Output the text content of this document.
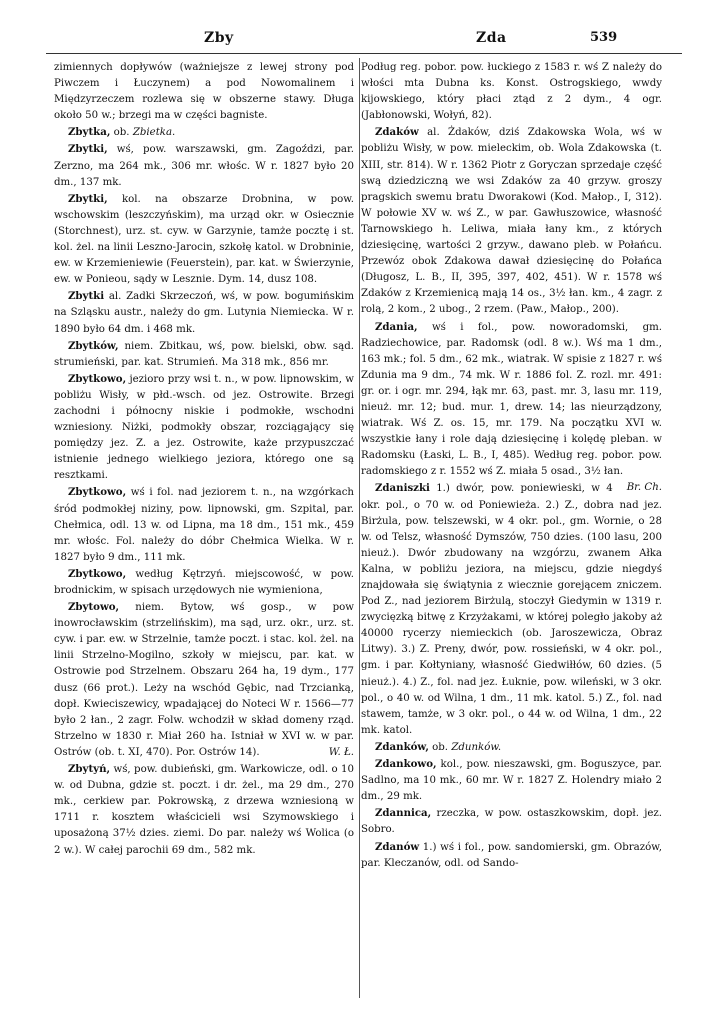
Zby	Zda	539

zimiennych dopływów (ważniejsze z lewej strony pod Piwczem i Łuczynem) a pod Nowomalinem i Międzyrzeczem rozlewa się w obszerne stawy. Długa około 50 w.; brzegi ma w części bagniste.

Zbytka, ob. Zbietka.

Zbytki, wś, pow. warszawski, gm. Zagoździ, par. Zerzno, ma 264 mk., 306 mr. włośc. W r. 1827 było 20 dm., 137 mk.

Zbytki, kol. na obszarze Drobnina, w pow. wschowskim (leszczyńskim), ma urząd okr. w Osiecznie (Storchnest), urz. st. cyw. w Garzynie, tamże pocztę i st. kol. żel. na linii Leszno-Jarocin, szkołę katol. w Drobninie, ew. w Krzemieniewie (Feuerstein), par. kat. w Świerzynie, ew. w Ponieou, sądy w Lesznie. Dym. 14, dusz 108.

Zbytki al. Zadki Skrzeczoń, wś, w pow. bogumińskim na Szląsku austr., należy do gm. Lutynia Niemiecka. W r. 1890 było 64 dm. i 468 mk.

Zbytków, niem. Zbitkau, wś, pow. bielski, obw. sąd. strumieński, par. kat. Strumień. Ma 318 mk., 856 mr.

Zbytkowo, jezioro przy wsi t. n., w pow. lipnowskim, w pobliżu Wisły, w płd.-wsch. od jez. Ostrowite. Brzegi zachodni i północny niskie i podmokłe, wschodni wzniesiony. Niżki, podmokły obszar, rozciągający się pomiędzy jez. Z. a jez. Ostrowite, każe przypuszczać istnienie jednego wielkiego jeziora, którego one są resztkami.

Zbytkowo, wś i fol. nad jeziorem t. n., na wzgórkach śród podmokłej niziny, pow. lipnowski, gm. Szpital, par. Chełmica, odl. 13 w. od Lipna, ma 18 dm., 151 mk., 459 mr. włośc. Fol. należy do dóbr Chełmica Wielka. W r. 1827 było 9 dm., 111 mk.

Zbytkowo, według Kętrzyń. miejscowość, w pow. brodnickim, w spisach urzędowych nie wymieniona,

Zbytowo, niem. Bytow, wś gosp., w pow inowrocławskim (strzelińskim), ma sąd, urz. okr., urz. st. cyw. i par. ew. w Strzelnie, tamże poczt. i stac. kol. żel. na linii Strzelno-Mogilno, szkoły w miejscu, par. kat. w Ostrowie pod Strzelnem. Obszaru 264 ha, 19 dym., 177 dusz (66 prot.). Leży na wschód Gębic, nad Trzcianką, dopł. Kwieciszewicy, wpadającej do Noteci W r. 1566—77 było 2 łan., 2 zagr. Folw. wchodził w skład domeny rząd. Strzelno w 1830 r. Miał 260 ha. Istniał w XVI w. w par. Ostrów (ob. t. XI, 470). Por. Ostrów 14).	W. Ł.

Zbytyń, wś, pow. dubieński, gm. Warkowicze, odl. o 10 w. od Dubna, gdzie st. poczt. i dr. żel., ma 29 dm., 270 mk., cerkiew par. Pokrowską, z drzewa wzniesioną w 1711 r. kosztem właścicieli wsi Szymowskiego i uposażoną 37½ dzies. ziemi. Do par. należy wś Wolica (o 2 w.). W całej parochii 69 dm., 582 mk.

Podług reg. pobor. pow. łuckiego z 1583 r. wś Z należy do włości mta Dubna ks. Konst. Ostrogskiego, wwdy kijowskiego, który płaci ztąd z 2 dym., 4 ogr. (Jabłonowski, Wołyń, 82).

Zdaków al. Żdaków, dziś Zdakowska Wola, wś w pobliżu Wisły, w pow. mieleckim, ob. Wola Zdakowska (t. XIII, str. 814). W r. 1362 Piotr z Goryczan sprzedaje część swą dziedziczną we wsi Zdaków za 40 grzyw. groszy pragskich swemu bratu Dworakowi (Kod. Małop., I, 312). W połowie XV w. wś Z., w par. Gawłuszowice, własność Tarnowskiego h. Leliwa, miała łany km., z których dziesięcinę, wartości 2 grzyw., dawano pleb. w Połańcu. Przewóz obok Zdakowa dawał dziesięcinę do Połańca (Długosz, L. B., II, 395, 397, 402, 451). W r. 1578 wś Zdaków z Krzemienicą mają 14 os., 3½ łan. km., 4 zagr. z rolą, 2 kom., 2 ubog., 2 rzem. (Paw., Małop., 200).

Zdania, wś i fol., pow. noworadomski, gm. Radziechowice, par. Radomsk (odl. 8 w.). Wś ma 1 dm., 163 mk.; fol. 5 dm., 62 mk., wiatrak. W spisie z 1827 r. wś Zdunia ma 9 dm., 74 mk. W r. 1886 fol. Z. rozl. mr. 491: gr. or. i ogr. mr. 294, łąk mr. 63, past. mr. 3, lasu mr. 119, nieuż. mr. 12; bud. mur. 1, drew. 14; las nieurządzony, wiatrak. Wś Z. os. 15, mr. 179. Na początku XVI w. wszystkie łany i role dają dziesięcinę i kolędę pleban. w Radomsku (Łaski, L. B., I, 485). Według reg. pobor. pow. radomskiego z r. 1552 wś Z. miała 5 osad., 3½ łan.
Br. Ch.

Zdaniszki 1.) dwór, pow. poniewieski, w 4 okr. pol., o 70 w. od Poniewieża. 2.) Z., dobra nad jez. Birżula, pow. telszewski, w 4 okr. pol., gm. Wornie, o 28 w. od Telsz, własność Dymszów, 750 dzies. (100 lasu, 200 nieuż.). Dwór zbudowany na wzgórzu, zwanem Ałka Kalna, w pobliżu jeziora, na miejscu, gdzie niegdyś znajdowała się świątynia z wiecznie gorejącem zniczem. Pod Z., nad jeziorem Birżulą, stoczył Giedymin w 1319 r. zwycięzką bitwę z Krzyżakami, w której poległo jakoby aż 40000 rycerzy niemieckich (ob. Jaroszewicza, Obraz Litwy). 3.) Z. Preny, dwór, pow. rossieński, w 4 okr. pol., gm. i par. Kołtyniany, własność Giedwiłłów, 60 dzies. (5 nieuż.). 4.) Z., fol. nad jez. Łuknie, pow. wileński, w 3 okr. pol., o 40 w. od Wilna, 1 dm., 11 mk. katol. 5.) Z., fol. nad stawem, tamże, w 3 okr. pol., o 44 w. od Wilna, 1 dm., 22 mk. katol.

Zdanków, ob. Zdunków.

Zdankowo, kol., pow. nieszawski, gm. Boguszyce, par. Sadlno, ma 10 mk., 60 mr. W r. 1827 Z. Holendry miało 2 dm., 29 mk.

Zdannica, rzeczka, w pow. ostaszkowskim, dopł. jez. Sobro.

Zdanów 1.) wś i fol., pow. sandomierski, gm. Obrazów, par. Kleczanów, odl. od Sando-
